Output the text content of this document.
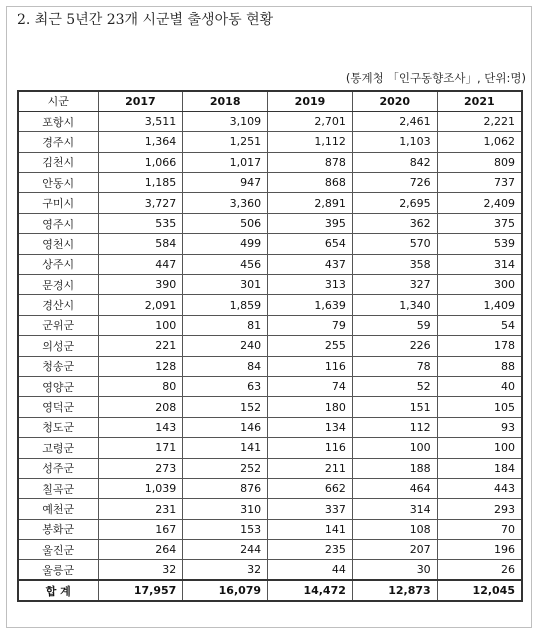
2. 최근 5년간 23개 시군별 출생아동 현황
(통계청 「인구동향조사」, 단위:명)
시군	2017	2018	2019	2020	2021
포항시	3,511	3,109	2,701	2,461	2,221
경주시	1,364	1,251	1,112	1,103	1,062
김천시	1,066	1,017	878	842	809
안동시	1,185	947	868	726	737
구미시	3,727	3,360	2,891	2,695	2,409
영주시	535	506	395	362	375
영천시	584	499	654	570	539
상주시	447	456	437	358	314
문경시	390	301	313	327	300
경산시	2,091	1,859	1,639	1,340	1,409
군위군	100	81	79	59	54
의성군	221	240	255	226	178
청송군	128	84	116	78	88
영양군	80	63	74	52	40
영덕군	208	152	180	151	105
청도군	143	146	134	112	93
고령군	171	141	116	100	100
성주군	273	252	211	188	184
칠곡군	1,039	876	662	464	443
예천군	231	310	337	314	293
봉화군	167	153	141	108	70
울진군	264	244	235	207	196
울릉군	32	32	44	30	26
합 계	17,957	16,079	14,472	12,873	12,045
